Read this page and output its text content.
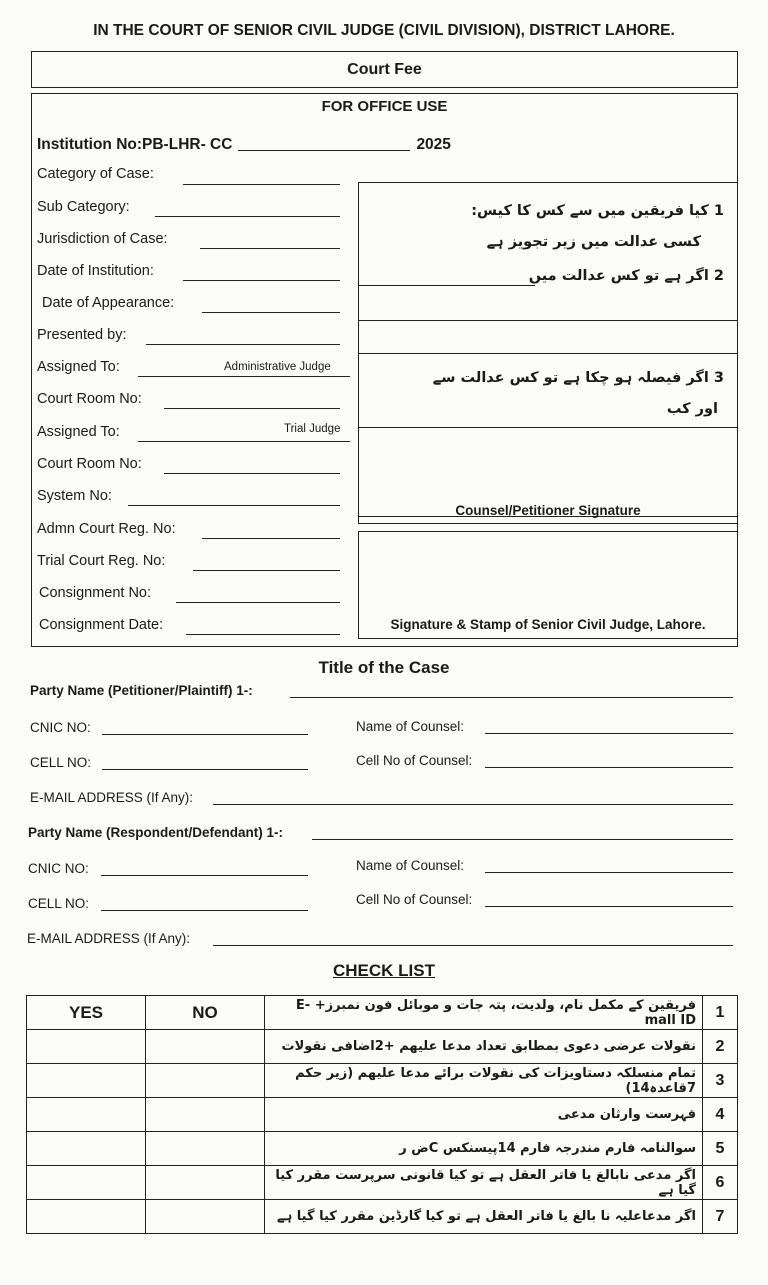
IN THE COURT OF SENIOR CIVIL JUDGE (CIVIL DIVISION), DISTRICT LAHORE.
Court Fee
FOR OFFICE USE
Institution No:PB-LHR- CC	2025
Category of Case:
Sub Category:
Jurisdiction of Case:
Date of Institution:
Date of Appearance:
Presented by:
Assigned To:	Administrative Judge
Court Room No:
Assigned To:	Trial Judge
Court Room No:
System No:
Admn Court Reg. No:
Trial Court Reg. No:
Consignment No:
Consignment Date:
1 کیا فریقین میں سے کس کا کیس:
کسی عدالت میں زیر تجویز ہے
2 اگر ہے تو کس عدالت میں
3 اگر فیصلہ ہو چکا ہے تو کس عدالت سے
اور کب
Counsel/Petitioner Signature
Signature & Stamp of Senior Civil Judge, Lahore.
Title of the Case
Party Name (Petitioner/Plaintiff) 1-:
CNIC NO:	Name of Counsel:
CELL NO:	Cell No of Counsel:
E-MAIL ADDRESS (If Any):
Party Name (Respondent/Defendant) 1-:
CNIC NO:	Name of Counsel:
CELL NO:	Cell No of Counsel:
E-MAIL ADDRESS (If Any):
CHECK LIST
YES	NO	فریقین کے مکمل نام، ولدیت، پتہ جات و موبائل فون نمبرز+ E-mall ID	1
		نقولات عرضی دعوی بمطابق تعداد مدعا علیھم +2اضافی نقولات	2
		تمام منسلکہ دستاویزات کی نقولات برائے مدعا علیھم (زیر حکم 7قاعدہ14)	3
		فہرست وارثان مدعی	4
		سوالنامہ فارم مندرجہ فارم 14پیسنکس Cض ر	5
		اگر مدعی نابالغ یا فاتر العقل ہے تو کیا قانونی سرپرست مقرر کیا گیا ہے	6
		اگر مدعاعلیہ نا بالغ یا فاتر العقل ہے تو کیا گارڈین مقرر کیا گیا ہے	7
